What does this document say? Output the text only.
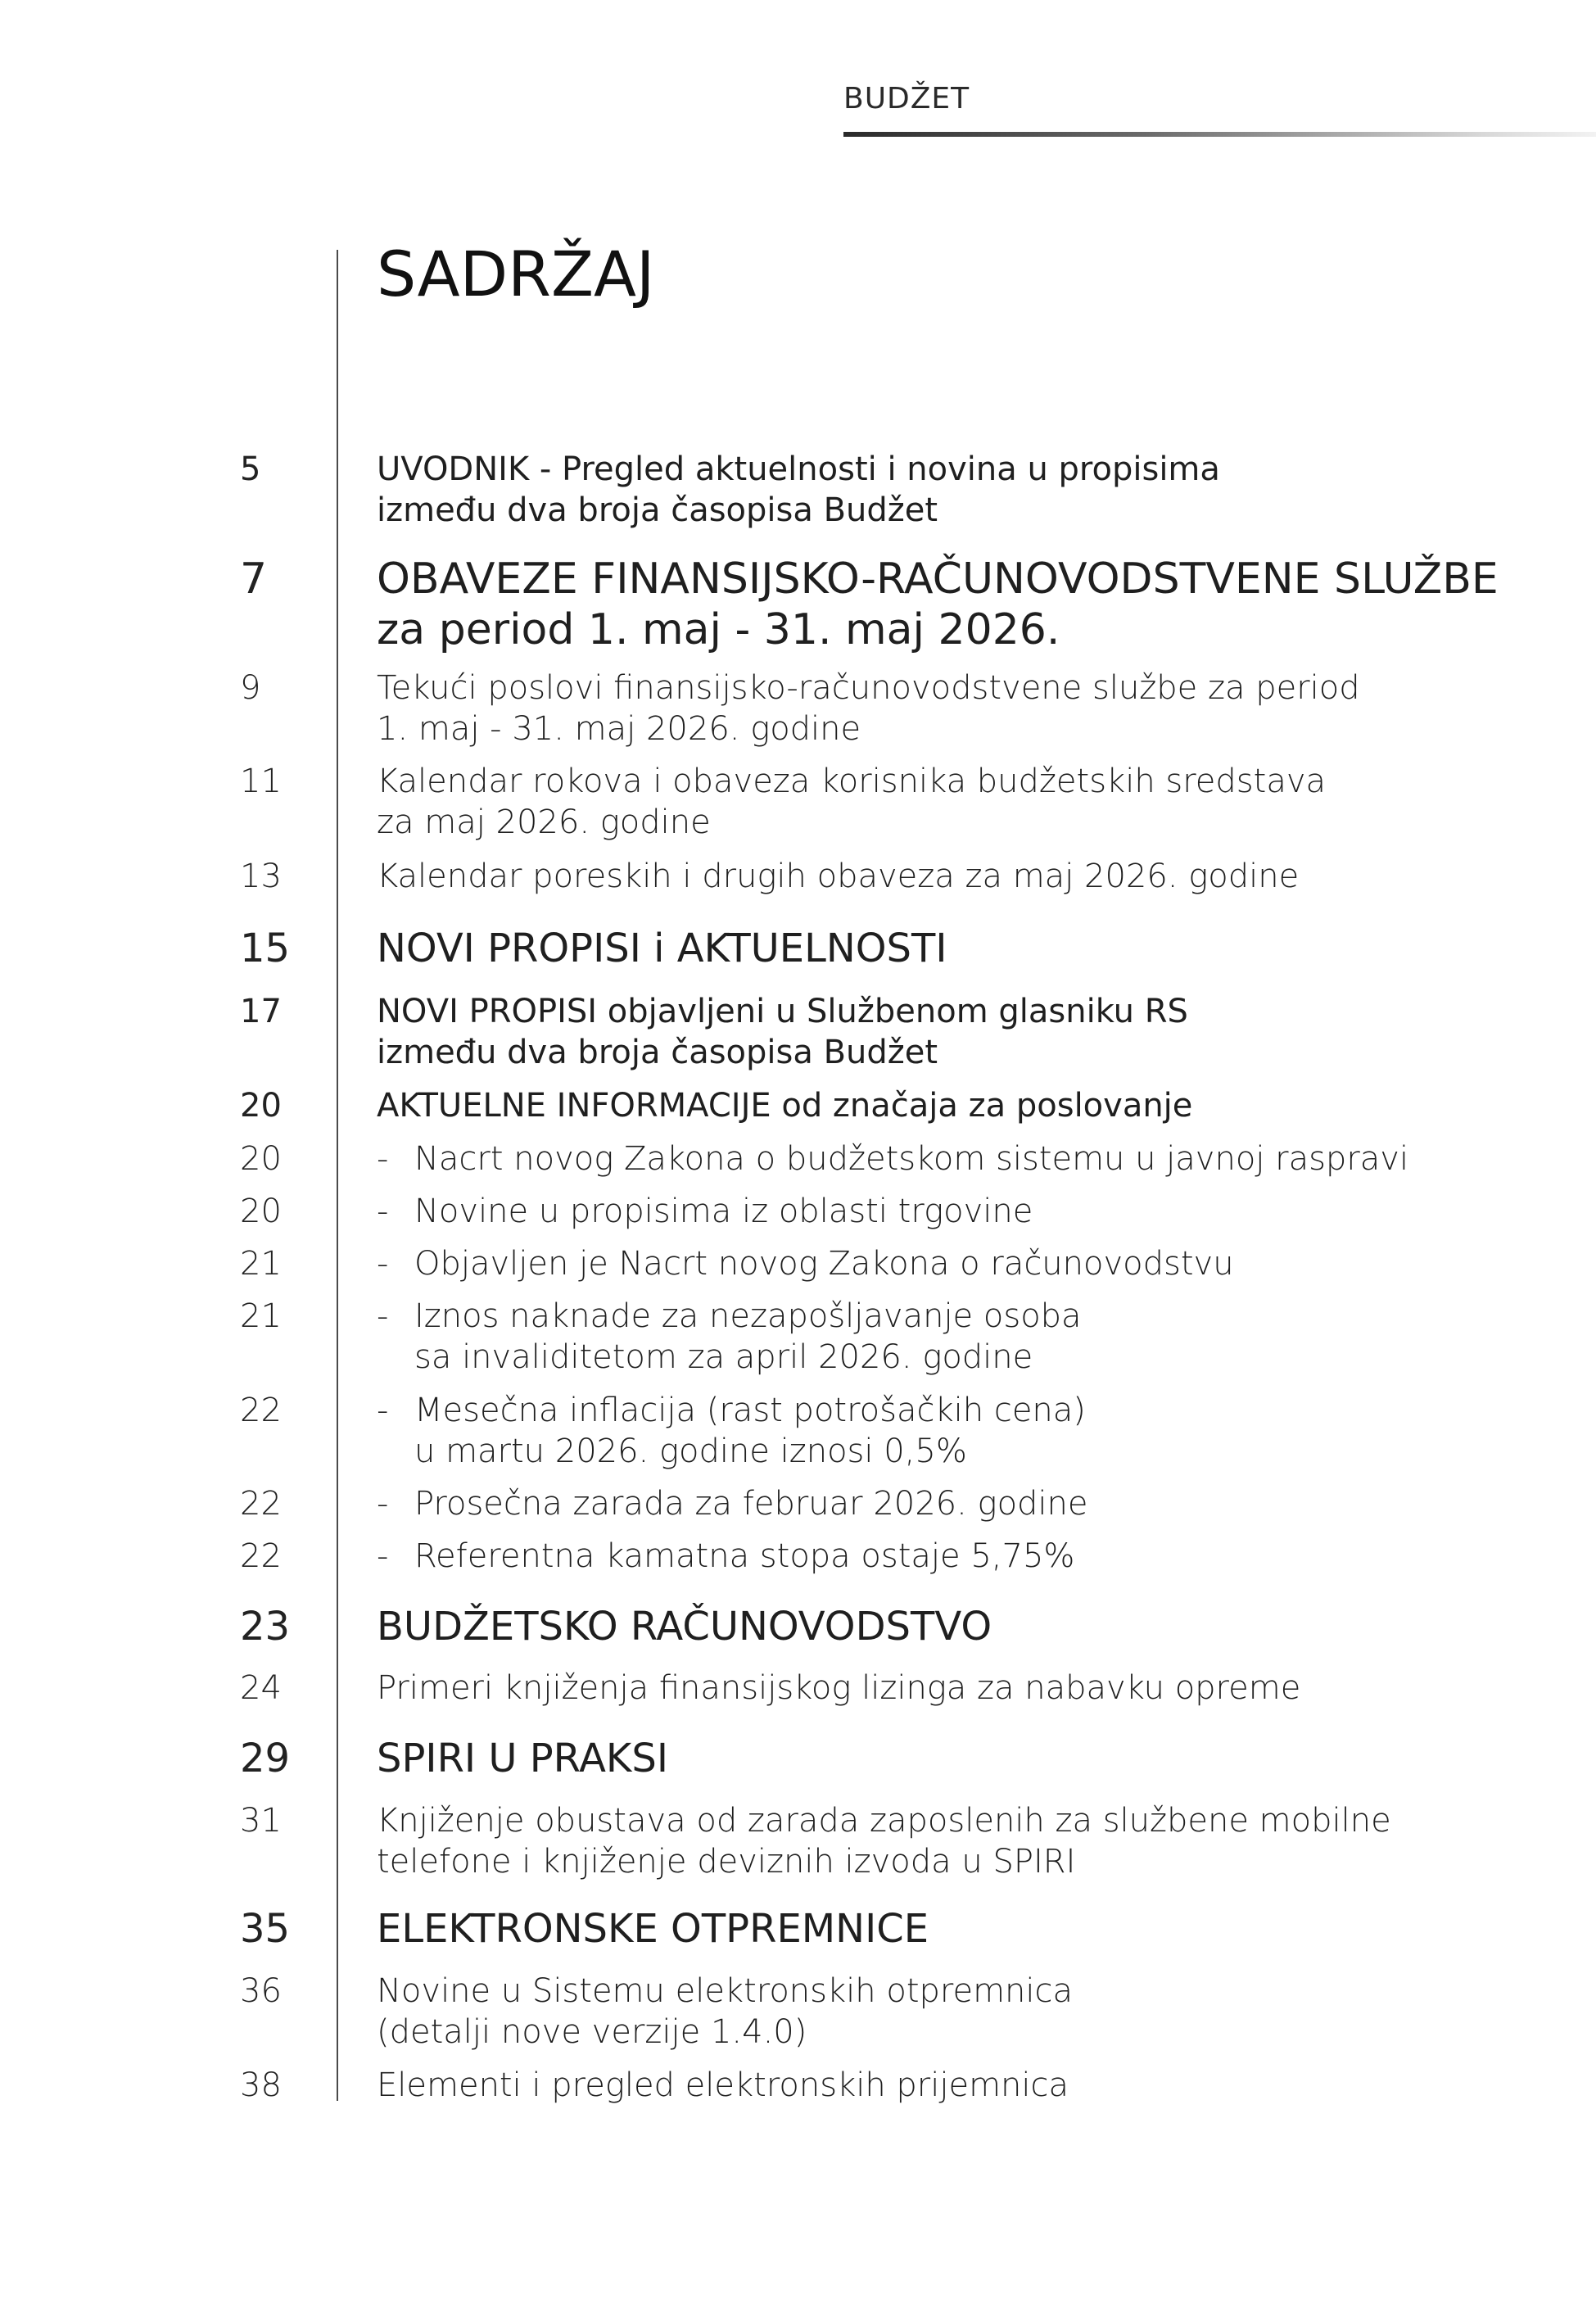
BUDŽET
SADRŽAJ
5	UVODNIK - Pregled aktuelnosti i novina u propisima
između dva broja časopisa Budžet
7	OBAVEZE FINANSIJSKO-RAČUNOVODSTVENE SLUŽBE
za period 1. maj - 31. maj 2026.
9	Tekući poslovi finansijsko-računovodstvene službe za period
1. maj - 31. maj 2026. godine
11	Kalendar rokova i obaveza korisnika budžetskih sredstava
za maj 2026. godine
13	Kalendar poreskih i drugih obaveza za maj 2026. godine
15	NOVI PROPISI i AKTUELNOSTI
17	NOVI PROPISI objavljeni u Službenom glasniku RS
između dva broja časopisa Budžet
20	AKTUELNE INFORMACIJE od značaja za poslovanje
20	- Nacrt novog Zakona o budžetskom sistemu u javnoj raspravi
20	- Novine u propisima iz oblasti trgovine
21	- Objavljen je Nacrt novog Zakona o računovodstvu
21	- Iznos naknade za nezapošljavanje osoba
sa invaliditetom za april 2026. godine
22	- Mesečna inflacija (rast potrošačkih cena)
u martu 2026. godine iznosi 0,5%
22	- Prosečna zarada za februar 2026. godine
22	- Referentna kamatna stopa ostaje 5,75%
23	BUDŽETSKO RAČUNOVODSTVO
24	Primeri knjiženja finansijskog lizinga za nabavku opreme
29	SPIRI U PRAKSI
31	Knjiženje obustava od zarada zaposlenih za službene mobilne
telefone i knjiženje deviznih izvoda u SPIRI
35	ELEKTRONSKE OTPREMNICE
36	Novine u Sistemu elektronskih otpremnica
(detalji nove verzije 1.4.0)
38	Elementi i pregled elektronskih prijemnica
